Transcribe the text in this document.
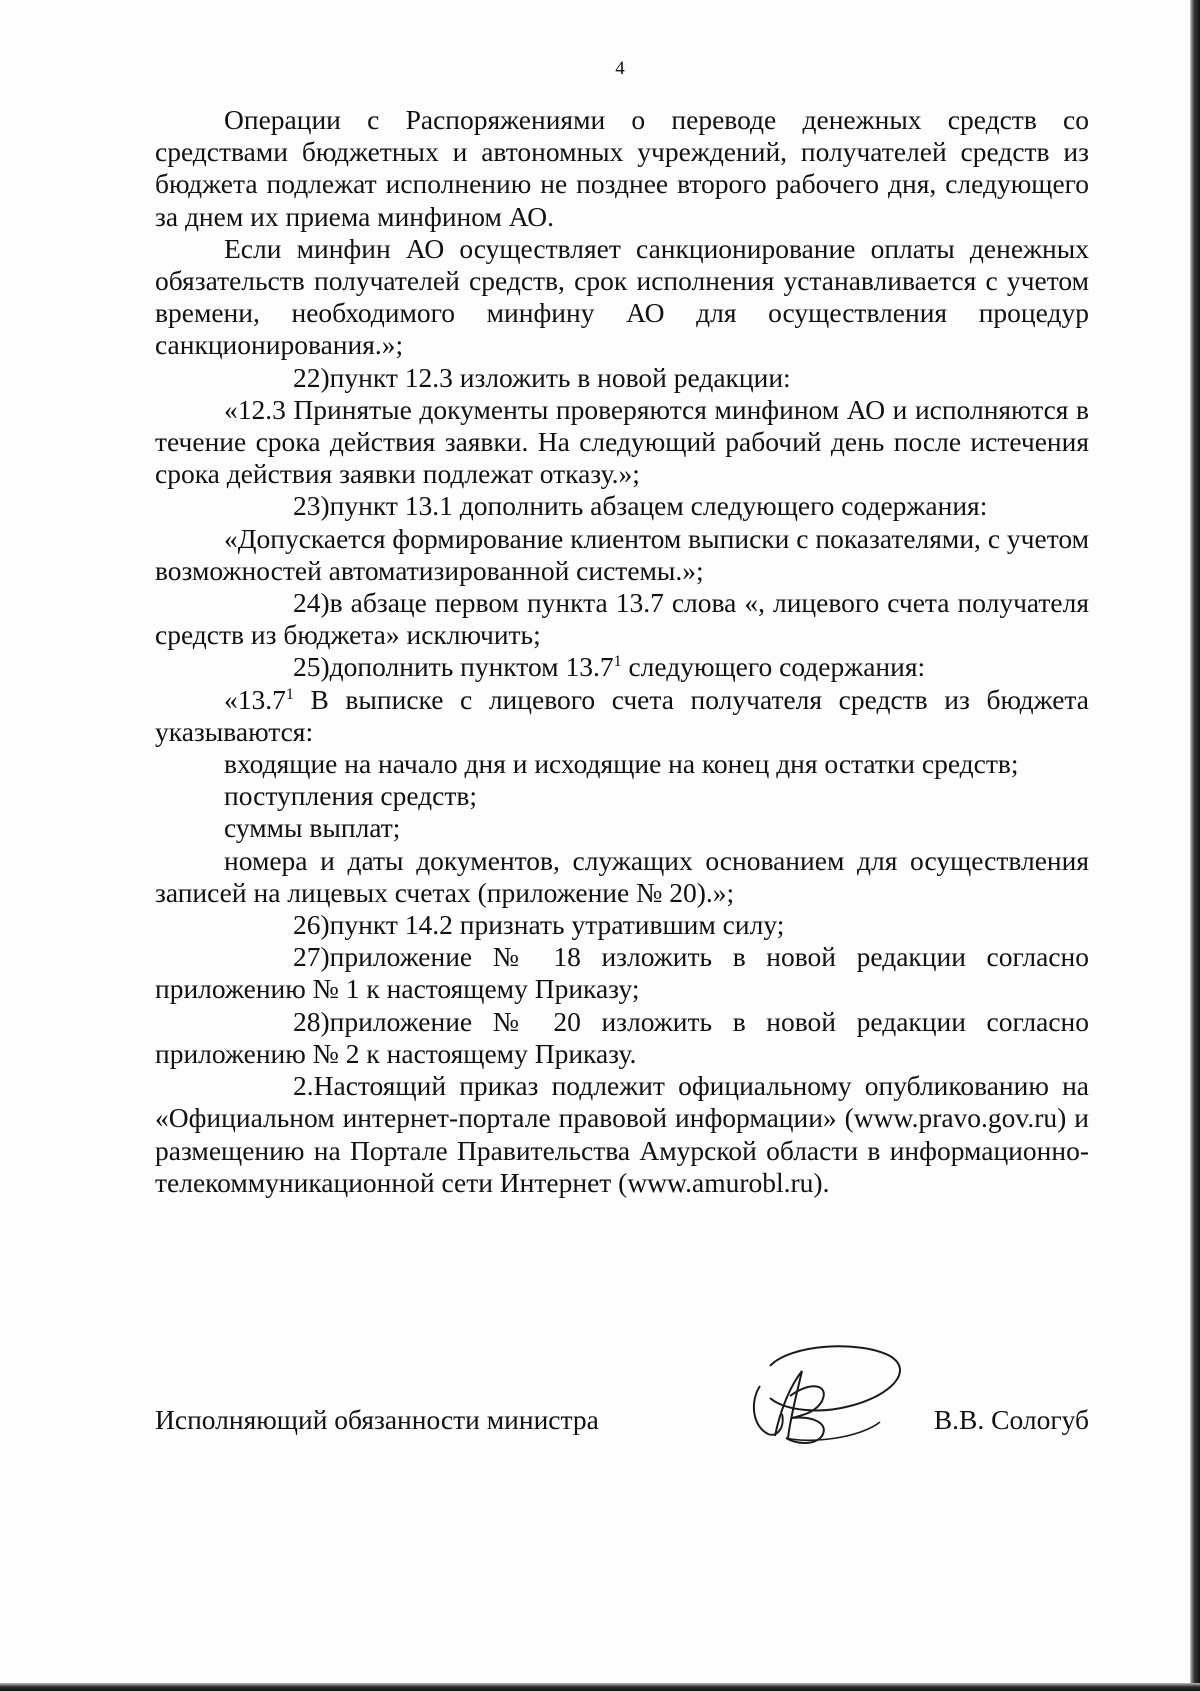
4

Операции с Распоряжениями о переводе денежных средств со средствами бюджетных и автономных учреждений, получателей средств из бюджета подлежат исполнению не позднее второго рабочего дня, следующего за днем их приема минфином АО.

Если минфин АО осуществляет санкционирование оплаты денежных обязательств получателей средств, срок исполнения устанавливается с учетом времени, необходимого минфину АО для осуществления процедур санкционирования.»;

22)пункт 12.3 изложить в новой редакции:

«12.3 Принятые документы проверяются минфином АО и исполняются в течение срока действия заявки. На следующий рабочий день после истечения срока действия заявки подлежат отказу.»;

23)пункт 13.1 дополнить абзацем следующего содержания:

«Допускается формирование клиентом выписки с показателями, с учетом возможностей автоматизированной системы.»;

24)в абзаце первом пункта 13.7 слова «, лицевого счета получателя средств из бюджета» исключить;

25)дополнить пунктом 13.7$^1$ следующего содержания:

«13.7$^1$ В выписке с лицевого счета получателя средств из бюджета указываются:

входящие на начало дня и исходящие на конец дня остатки средств;

поступления средств;

суммы выплат;

номера и даты документов, служащих основанием для осуществления записей на лицевых счетах (приложение № 20).»;

26)пункт 14.2 признать утратившим силу;

27)приложение № 18 изложить в новой редакции согласно приложению № 1 к настоящему Приказу;

28)приложение № 20 изложить в новой редакции согласно приложению № 2 к настоящему Приказу.

2.Настоящий приказ подлежит официальному опубликованию на «Официальном интернет-портале правовой информации» (www.pravo.gov.ru) и размещению на Портале Правительства Амурской области в информационно-телекоммуникационной сети Интернет (www.amurobl.ru).

Исполняющий обязанности министра	В.В. Сологуб
